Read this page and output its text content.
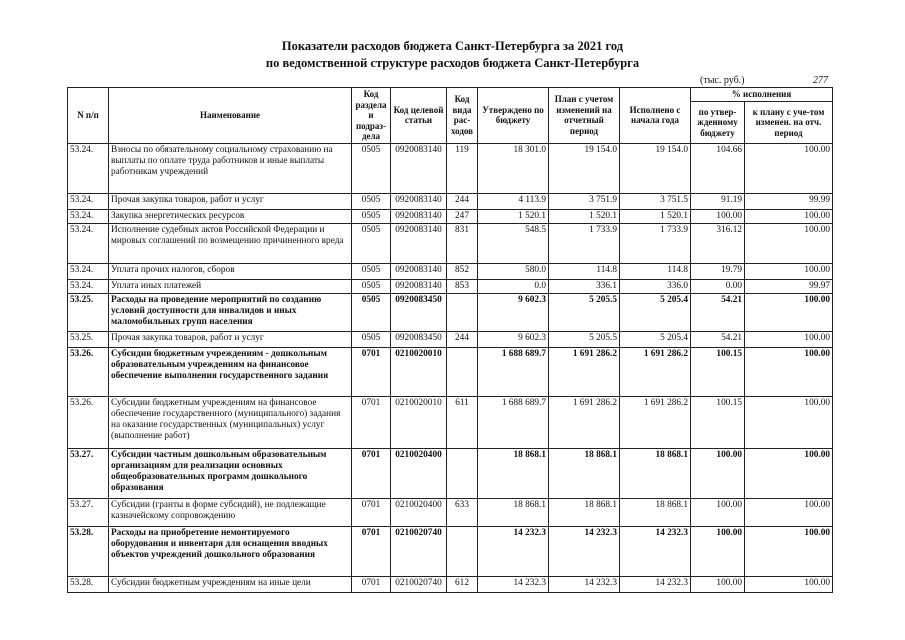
Показатели расходов бюджета Санкт-Петербурга за 2021 год
по ведомственной структуре расходов бюджета Санкт-Петербурга
(тыс. руб.)	277
N п/п	Наименование	Код раздела и подраз-дела	Код целевой статьи	Код вида рас-ходов	Утверждено по бюджету	План с учетом изменений на отчетный период	Исполнено с начала года	% исполнения	
								по утвер-жденному бюджету	к плану с уче-том изменен. на отч. период
53.24.	Взносы по обязательному социальному страхованию на выплаты по оплате труда работников и иные выплаты работникам учреждений	0505	0920083140	119	18 301.0	19 154.0	19 154.0	104.66	100.00
53.24.	Прочая закупка товаров, работ и услуг	0505	0920083140	244	4 113.9	3 751.9	3 751.5	91.19	99.99
53.24.	Закупка энергетических ресурсов	0505	0920083140	247	1 520.1	1 520.1	1 520.1	100.00	100.00
53.24.	Исполнение судебных актов Российской Федерации и мировых соглашений по возмещению причиненного вреда	0505	0920083140	831	548.5	1 733.9	1 733.9	316.12	100.00
53.24.	Уплата прочих налогов, сборов	0505	0920083140	852	580.0	114.8	114.8	19.79	100.00
53.24.	Уплата иных платежей	0505	0920083140	853	0.0	336.1	336.0	0.00	99.97
53.25.	Расходы на проведение мероприятий по созданию условий доступности для инвалидов и иных маломобильных групп населения	0505	0920083450		9 602.3	5 205.5	5 205.4	54.21	100.00
53.25.	Прочая закупка товаров, работ и услуг	0505	0920083450	244	9 602.3	5 205.5	5 205.4	54.21	100.00
53.26.	Субсидии бюджетным учреждениям - дошкольным образовательным учреждениям на финансовое обеспечение выполнения государственного задания	0701	0210020010		1 688 689.7	1 691 286.2	1 691 286.2	100.15	100.00
53.26.	Субсидии бюджетным учреждениям на финансовое обеспечение государственного (муниципального) задания на оказание государственных (муниципальных) услуг (выполнение работ)	0701	0210020010	611	1 688 689.7	1 691 286.2	1 691 286.2	100.15	100.00
53.27.	Субсидии частным дошкольным образовательным организациям для реализации основных общеобразовательных программ дошкольного образования	0701	0210020400		18 868.1	18 868.1	18 868.1	100.00	100.00
53.27.	Субсидии (гранты в форме субсидий), не подлежащие казначейскому сопровождению	0701	0210020400	633	18 868.1	18 868.1	18 868.1	100.00	100.00
53.28.	Расходы на приобретение немонтируемого оборудования и инвентаря для оснащения вводных объектов учреждений дошкольного образования	0701	0210020740		14 232.3	14 232.3	14 232.3	100.00	100.00
53.28.	Субсидии бюджетным учреждениям на иные цели	0701	0210020740	612	14 232.3	14 232.3	14 232.3	100.00	100.00
